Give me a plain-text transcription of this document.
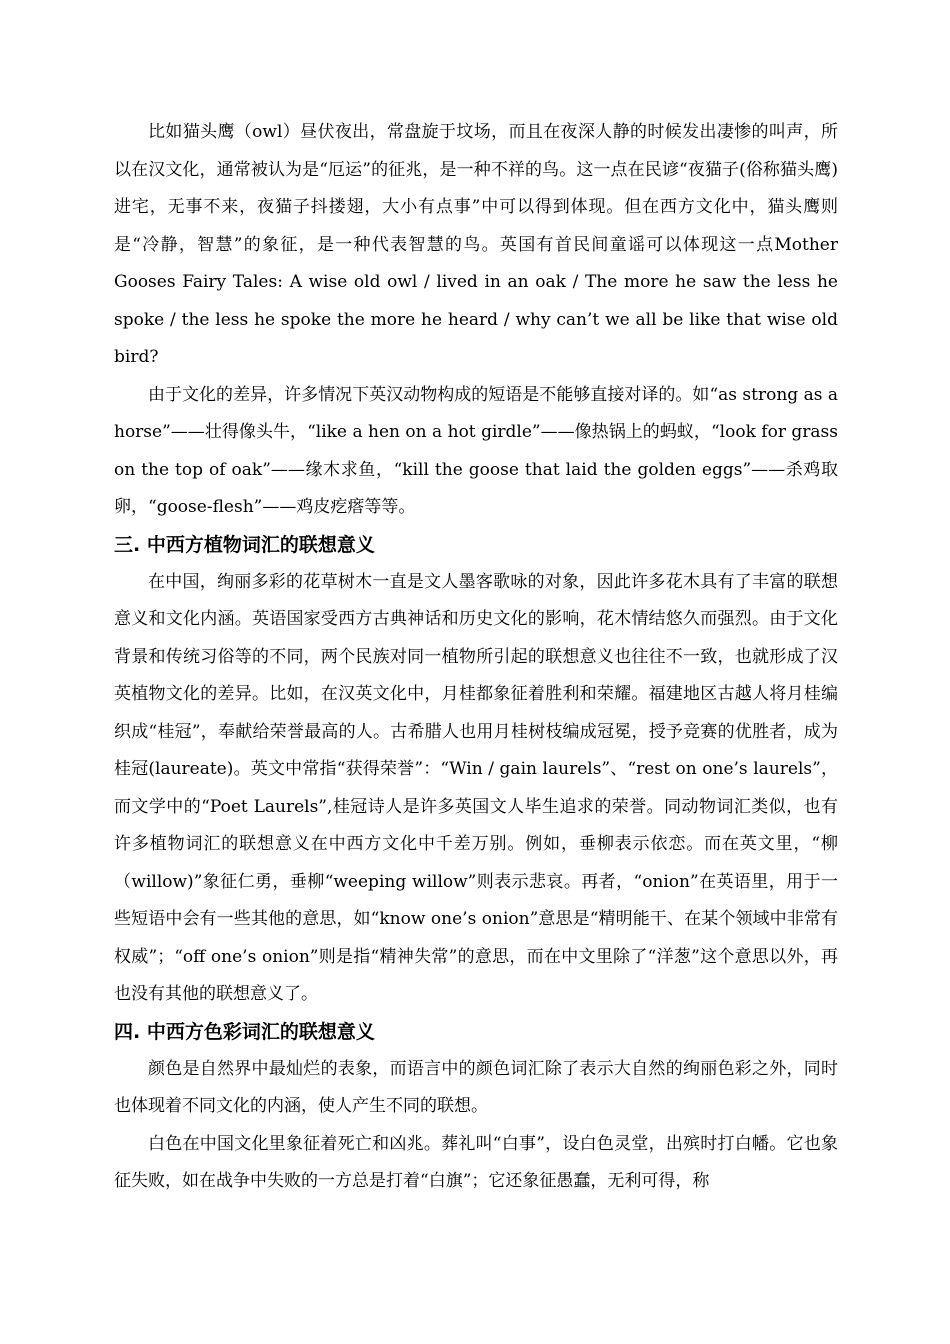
比如猫头鹰（owl）昼伏夜出，常盘旋于坟场，而且在夜深人静的时候发出凄惨的叫声，所以在汉文化，通常被认为是“厄运”的征兆，是一种不祥的鸟。这一点在民谚“夜猫子(俗称猫头鹰)进宅，无事不来，夜猫子抖搂翅，大小有点事”中可以得到体现。但在西方文化中，猫头鹰则是“冷静，智慧”的象征，是一种代表智慧的鸟。英国有首民间童谣可以体现这一点Mother Gooses Fairy Tales: A wise old owl / lived in an oak / The more he saw the less he spoke / the less he spoke the more he heard / why can’t we all be like that wise old bird?

由于文化的差异，许多情况下英汉动物构成的短语是不能够直接对译的。如“as strong as a horse”——壮得像头牛，“like a hen on a hot girdle”——像热锅上的蚂蚁，“look for grass on the top of oak”——缘木求鱼，“kill the goose that laid the golden eggs”——杀鸡取卵，“goose-flesh”——鸡皮疙瘩等等。

三. 中西方植物词汇的联想意义

在中国，绚丽多彩的花草树木一直是文人墨客歌咏的对象，因此许多花木具有了丰富的联想意义和文化内涵。英语国家受西方古典神话和历史文化的影响，花木情结悠久而强烈。由于文化背景和传统习俗等的不同，两个民族对同一植物所引起的联想意义也往往不一致，也就形成了汉英植物文化的差异。比如，在汉英文化中，月桂都象征着胜利和荣耀。福建地区古越人将月桂编织成“桂冠”，奉献给荣誉最高的人。古希腊人也用月桂树枝编成冠冕，授予竞赛的优胜者，成为桂冠(laureate)。英文中常指“获得荣誉”：“Win / gain laurels”、“rest on one’s laurels”，而文学中的“Poet Laurels”,桂冠诗人是许多英国文人毕生追求的荣誉。同动物词汇类似，也有许多植物词汇的联想意义在中西方文化中千差万别。例如，垂柳表示依恋。而在英文里，“柳（willow)”象征仁勇，垂柳“weeping willow”则表示悲哀。再者，“onion”在英语里，用于一些短语中会有一些其他的意思，如“know one’s onion”意思是“精明能干、在某个领域中非常有权威”；“off one’s onion”则是指“精神失常”的意思，而在中文里除了“洋葱”这个意思以外，再也没有其他的联想意义了。

四. 中西方色彩词汇的联想意义

颜色是自然界中最灿烂的表象，而语言中的颜色词汇除了表示大自然的绚丽色彩之外，同时也体现着不同文化的内涵，使人产生不同的联想。

白色在中国文化里象征着死亡和凶兆。葬礼叫“白事”，设白色灵堂，出殡时打白幡。它也象征失败，如在战争中失败的一方总是打着“白旗”；它还象征愚蠢，无利可得，称
